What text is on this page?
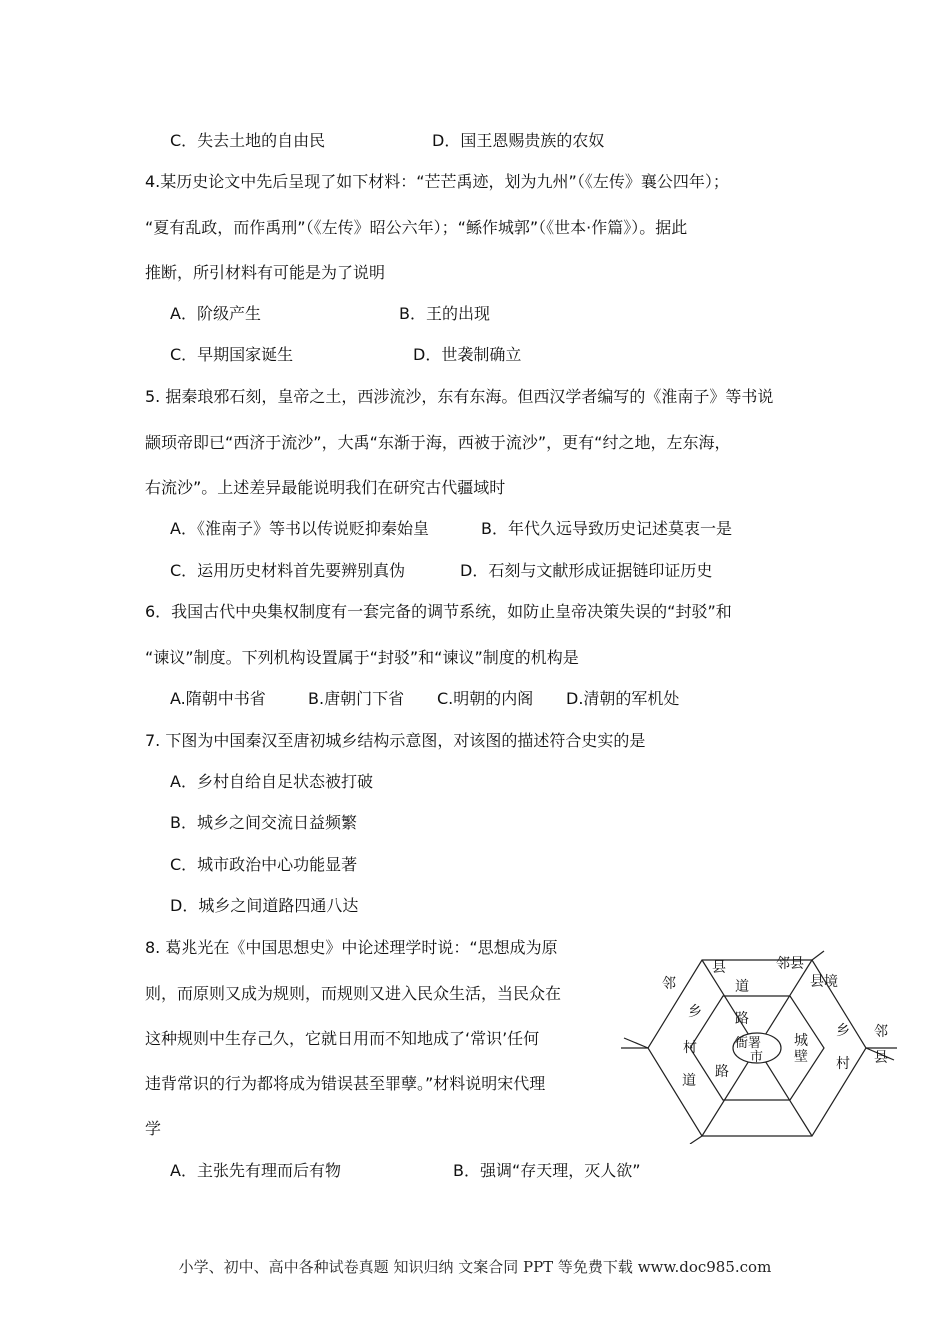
C．失去土地的自由民	D．国王恩赐贵族的农奴
4.某历史论文中先后呈现了如下材料：“芒芒禹迹，划为九州”（《左传》襄公四年）；
“夏有乱政，而作禹刑”（《左传》昭公六年）；“鲧作城郭”（《世本·作篇》）。据此
推断，所引材料有可能是为了说明
A．阶级产生	B．王的出现
C．早期国家诞生	D．世袭制确立
5. 据秦琅邪石刻，皇帝之土，西涉流沙，东有东海。但西汉学者编写的《淮南子》等书说
颛顼帝即已“西济于流沙”，大禹“东渐于海，西被于流沙”，更有“纣之地，左东海，
右流沙”。上述差异最能说明我们在研究古代疆域时
A．《淮南子》等书以传说贬抑秦始皇	B．年代久远导致历史记述莫衷一是
C．运用历史材料首先要辨别真伪	D．石刻与文献形成证据链印证历史
6．我国古代中央集权制度有一套完备的调节系统，如防止皇帝决策失误的“封驳”和
“谏议”制度。下列机构设置属于“封驳”和“谏议”制度的机构是
A.隋朝中书省	B.唐朝门下省 C.明朝的内阁 D.清朝的军机处
7. 下图为中国秦汉至唐初城乡结构示意图，对该图的描述符合史实的是
A．乡村自给自足状态被打破
B．城乡之间交流日益频繁
C．城市政治中心功能显著
D．城乡之间道路四通八达
8. 葛兆光在《中国思想史》中论述理学时说：“思想成为原
则，而原则又成为规则，而规则又进入民众生活，当民众在
这种规则中生存己久，它就日用而不知地成了‘常识’任何
违背常识的行为都将成为错误甚至罪孽。”材料说明宋代理
学
A．主张先有理而后有物	B．强调“存天理，灭人欲”
邻县
县境
邻
县
道
乡 路
衙署
市
城
壁
乡
村
邻
县
村
道
路
小学、初中、高中各种试卷真题 知识归纳 文案合同 PPT 等免费下载 www.doc985.com
